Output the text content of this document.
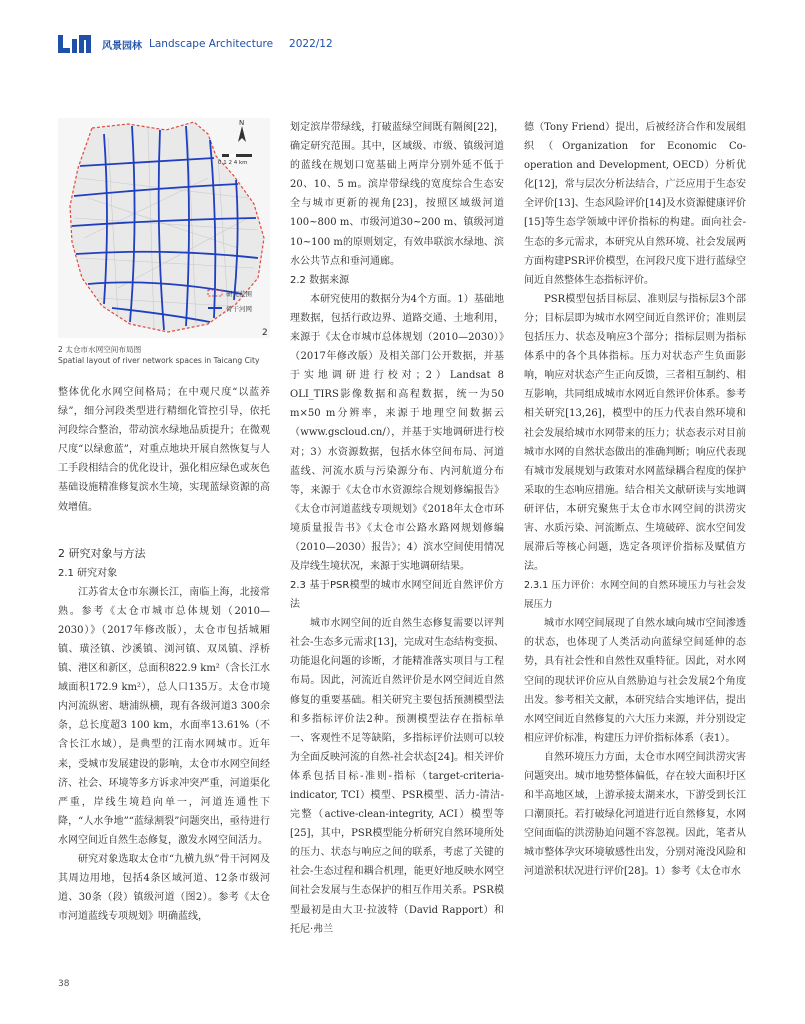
风景园林 Landscape Architecture 2022/12
N
0 1 2 4 km
研究范围
骨干河网
2
2 太仓市水网空间布局图
Spatial layout of river network spaces in Taicang City

整体优化水网空间格局；在中观尺度“以蓝养绿”，细分河段类型进行精细化管控引导，依托河段综合整治，带动滨水绿地品质提升；在微观尺度“以绿愈蓝”，对重点地块开展自然恢复与人工手段相结合的优化设计，强化相应绿色或灰色基础设施精准修复滨水生境，实现蓝绿资源的高效增值。

2 研究对象与方法
2.1 研究对象

江苏省太仓市东濒长江，南临上海，北接常熟。参考《太仓市城市总体规划（2010—2030）》（2017年修改版），太仓市包括城厢镇、璜泾镇、沙溪镇、浏河镇、双凤镇、浮桥镇、港区和新区，总面积822.9 km²（含长江水域面积172.9 km²），总人口135万。太仓市境内河流纵密、塘浦纵横，现有各级河道3 300余条，总长度超3 100 km，水面率13.61%（不含长江水域），是典型的江南水网城市。近年来，受城市发展建设的影响，太仓市水网空间经济、社会、环境等多方诉求冲突严重，河道渠化严重，岸线生境趋向单一，河道连通性下降，“人水争地”“蓝绿割裂”问题突出，亟待进行水网空间近自然生态修复，激发水网空间活力。

研究对象选取太仓市“九横九纵”骨干河网及其周边用地，包括4条区域河道、12条市级河道、30条（段）镇级河道（图2）。参考《太仓市河道蓝线专项规划》明确蓝线，

划定滨岸带绿线，打破蓝绿空间既有隔阂[22]，确定研究范围。其中，区域级、市级、镇级河道的蓝线在规划口宽基础上两岸分别外延不低于20、10、5 m。滨岸带绿线的宽度综合生态安全与城市更新的视角[23]，按照区域级河道100~800 m、市级河道30~200 m、镇级河道10~100 m的原则划定，有效串联滨水绿地、滨水公共节点和垂河通廊。

2.2 数据来源

本研究使用的数据分为4个方面。1）基础地理数据，包括行政边界、道路交通、土地利用，来源于《太仓市城市总体规划（2010—2030）》（2017年修改版）及相关部门公开数据，并基于实地调研进行校对；2）Landsat 8 OLI_TIRS影像数据和高程数据，统一为50 m×50 m分辨率，来源于地理空间数据云（www.gscloud.cn/），并基于实地调研进行校对；3）水资源数据，包括水体空间布局、河道蓝线、河流水质与污染源分布、内河航道分布等，来源于《太仓市水资源综合规划修编报告》《太仓市河道蓝线专项规划》《2018年太仓市环境质量报告书》《太仓市公路水路网规划修编（2010—2030）报告》；4）滨水空间使用情况及岸线生境状况，来源于实地调研结果。

2.3 基于PSR模型的城市水网空间近自然评价方法

城市水网空间的近自然生态修复需要以评判社会-生态多元需求[13]，完成对生态结构变损、功能退化问题的诊断，才能精准落实项目与工程布局。因此，河流近自然评价是水网空间近自然修复的重要基础。相关研究主要包括预测模型法和多指标评价法2种。预测模型法存在指标单一、客观性不足等缺陷，多指标评价法则可以较为全面反映河流的自然-社会状态[24]。相关评价体系包括目标-准则-指标（target-criteria-indicator, TCI）模型、PSR模型、活力-清洁-完整（active-clean-integrity, ACI）模型等[25]，其中，PSR模型能分析研究自然环境所处的压力、状态与响应之间的联系，考虑了关键的社会-生态过程和耦合机理，能更好地反映水网空间社会发展与生态保护的相互作用关系。PSR模型最初是由大卫·拉波特（David Rapport）和托尼·弗兰

德（Tony Friend）提出，后被经济合作和发展组织（Organization for Economic Co-operation and Development, OECD）分析优化[12]，常与层次分析法结合，广泛应用于生态安全评价[13]、生态风险评价[14]及水资源健康评价[15]等生态学领域中评价指标的构建。面向社会-生态的多元需求，本研究从自然环境、社会发展两方面构建PSR评价模型，在河段尺度下进行蓝绿空间近自然整体生态指标评价。

PSR模型包括目标层、准则层与指标层3个部分；目标层即为城市水网空间近自然评价；准则层包括压力、状态及响应3个部分；指标层则为指标体系中的各个具体指标。压力对状态产生负面影响，响应对状态产生正向反馈，三者相互制约、相互影响，共同组成城市水网近自然评价体系。参考相关研究[13,26]，模型中的压力代表自然环境和社会发展给城市水网带来的压力；状态表示对目前城市水网的自然状态做出的准确判断；响应代表现有城市发展规划与政策对水网蓝绿耦合程度的保护采取的生态响应措施。结合相关文献研读与实地调研评估，本研究聚焦于太仓市水网空间的洪涝灾害、水质污染、河流断点、生境破碎、滨水空间发展滞后等核心问题，选定各项评价指标及赋值方法。

2.3.1 压力评价：水网空间的自然环境压力与社会发展压力

城市水网空间展现了自然水域向城市空间渗透的状态，也体现了人类活动向蓝绿空间延伸的态势，具有社会性和自然性双重特征。因此，对水网空间的现状评价应从自然胁迫与社会发展2个角度出发。参考相关文献，本研究结合实地评估，提出水网空间近自然修复的六大压力来源，并分别设定相应评价标准，构建压力评价指标体系（表1）。

自然环境压力方面，太仓市水网空间洪涝灾害问题突出。城市地势整体偏低，存在较大面积圩区和半高地区域，上游承接太湖来水，下游受到长江口潮顶托。若打破绿化河道进行近自然修复，水网空间面临的洪涝胁迫问题不容忽视。因此，笔者从城市整体孕灾环境敏感性出发，分别对淹没风险和河道淤积状况进行评价[28]。1）参考《太仓市水

38
